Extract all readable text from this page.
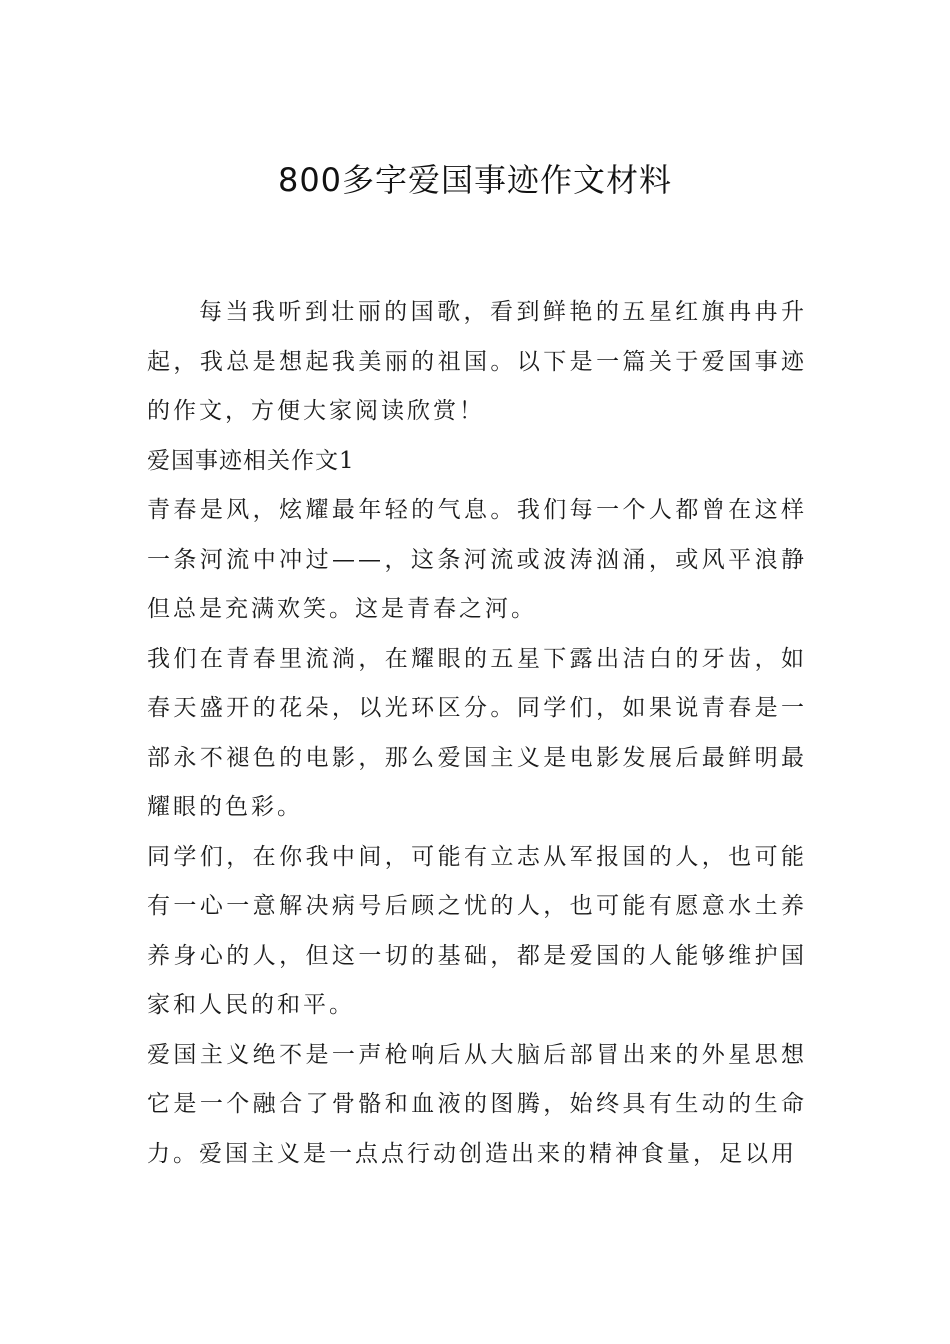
800多字爱国事迹作文材料

每当我听到壮丽的国歌，看到鲜艳的五星红旗冉冉升起，我总是想起我美丽的祖国。以下是一篇关于爱国事迹的作文，方便大家阅读欣赏！

爱国事迹相关作文1

青春是风，炫耀最年轻的气息。我们每一个人都曾在这样一条河流中冲过——，这条河流或波涛汹涌，或风平浪静但总是充满欢笑。这是青春之河。

我们在青春里流淌，在耀眼的五星下露出洁白的牙齿，如春天盛开的花朵，以光环区分。同学们，如果说青春是一部永不褪色的电影，那么爱国主义是电影发展后最鲜明最耀眼的色彩。

同学们，在你我中间，可能有立志从军报国的人，也可能有一心一意解决病号后顾之忧的人，也可能有愿意水土养养身心的人，但这一切的基础，都是爱国的人能够维护国家和人民的和平。

爱国主义绝不是一声枪响后从大脑后部冒出来的外星思想它是一个融合了骨骼和血液的图腾，始终具有生动的生命力。爱国主义是一点点行动创造出来的精神食量，足以用
